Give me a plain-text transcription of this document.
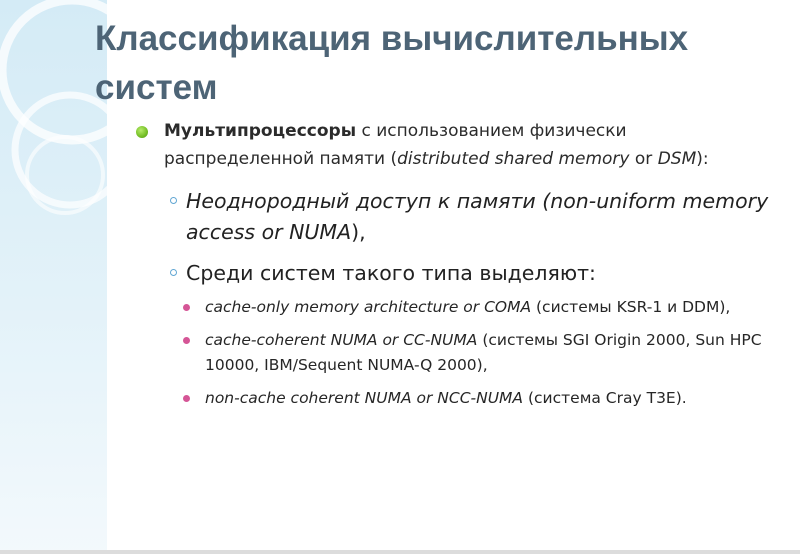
Классификация вычислительных систем
Мультипроцессоры с использованием физически распределенной памяти (distributed shared memory or DSM):
Неоднородный доступ к памяти (non-uniform memory access or NUMA),
Среди систем такого типа выделяют:
cache-only memory architecture or COMA (системы KSR-1 и DDM),
cache-coherent NUMA or CC-NUMA (системы SGI Origin 2000, Sun HPC 10000, IBM/Sequent NUMA-Q 2000),
non-cache coherent NUMA or NCC-NUMA (система Cray T3E).
